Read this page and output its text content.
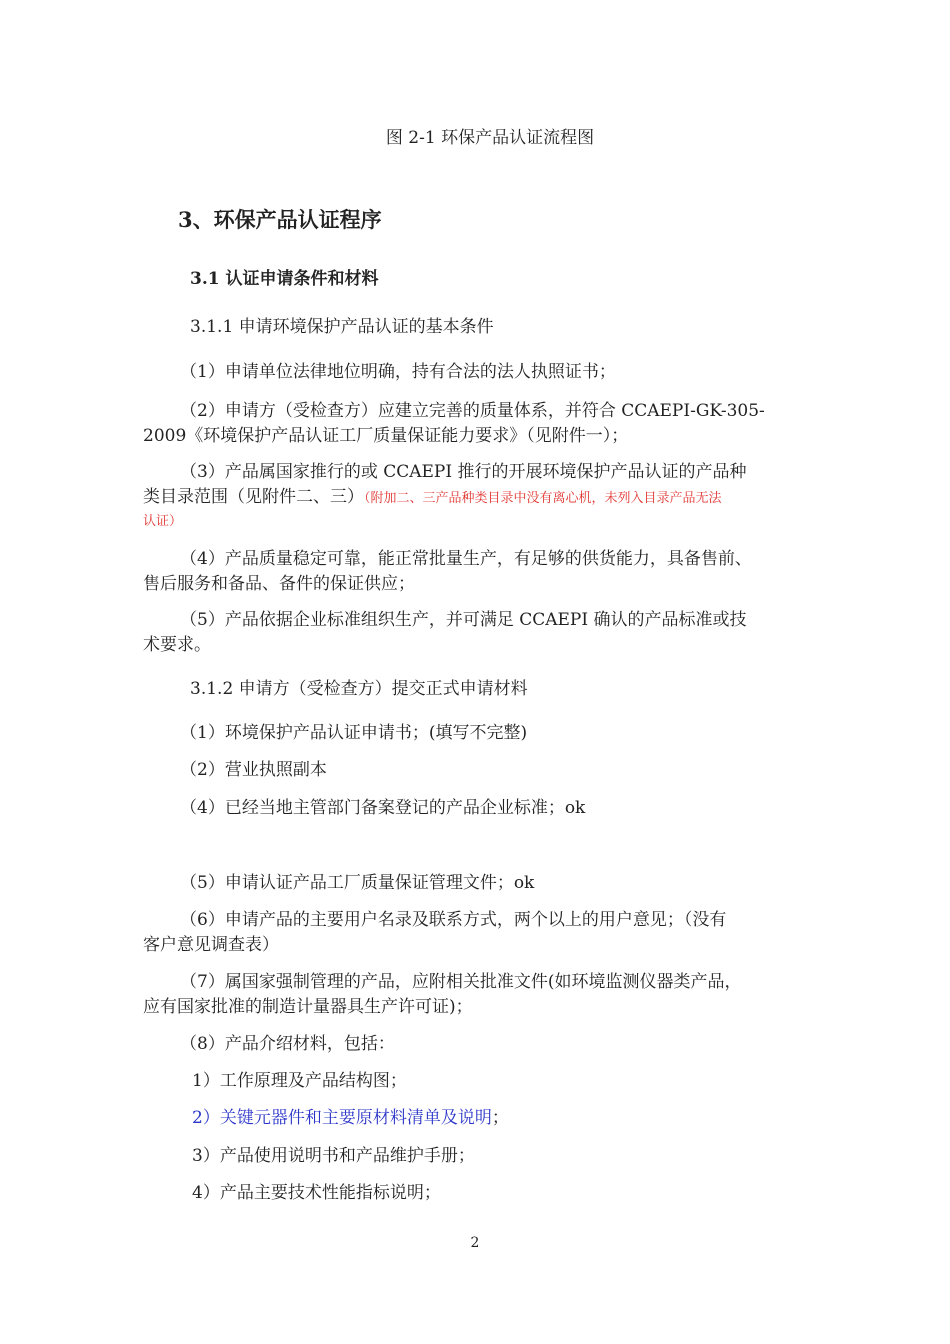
图 2-1 环保产品认证流程图
3、环保产品认证程序
3.1 认证申请条件和材料
3.1.1 申请环境保护产品认证的基本条件
（1）申请单位法律地位明确，持有合法的法人执照证书；
（2）申请方（受检查方）应建立完善的质量体系，并符合 CCAEPI-GK-305-
2009《环境保护产品认证工厂质量保证能力要求》（见附件一）；
（3）产品属国家推行的或 CCAEPI 推行的开展环境保护产品认证的产品种
类目录范围（见附件二、三）（附加二、三产品种类目录中没有离心机，未列入目录产品无法
认证）
（4）产品质量稳定可靠，能正常批量生产，有足够的供货能力，具备售前、
售后服务和备品、备件的保证供应；
（5）产品依据企业标准组织生产，并可满足 CCAEPI 确认的产品标准或技
术要求。
3.1.2 申请方（受检查方）提交正式申请材料
（1）环境保护产品认证申请书；(填写不完整)
（2）营业执照副本
（4）已经当地主管部门备案登记的产品企业标准；ok
（5）申请认证产品工厂质量保证管理文件；ok
（6）申请产品的主要用户名录及联系方式，两个以上的用户意见；（没有
客户意见调查表）
（7）属国家强制管理的产品，应附相关批准文件(如环境监测仪器类产品，
应有国家批准的制造计量器具生产许可证)；
（8）产品介绍材料，包括：
1）工作原理及产品结构图；
2）关键元器件和主要原材料清单及说明；
3）产品使用说明书和产品维护手册；
4）产品主要技术性能指标说明；
2
